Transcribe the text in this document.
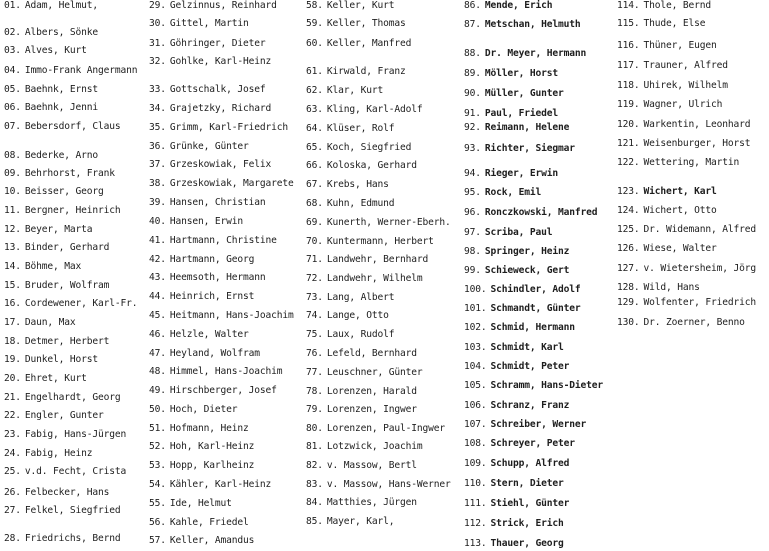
01. Adam, Helmut,
02. Albers, Sönke
03. Alves, Kurt
04. Immo-Frank Angermann
05. Baehnk, Ernst
06. Baehnk, Jenni
07. Bebersdorf, Claus
08. Bederke, Arno
09. Behrhorst, Frank
10. Beisser, Georg
11. Bergner, Heinrich
12. Beyer, Marta
13. Binder, Gerhard
14. Böhme, Max
15. Bruder, Wolfram
16. Cordewener, Karl-Fr.
17. Daun, Max
18. Detmer, Herbert
19. Dunkel, Horst
20. Ehret, Kurt
21. Engelhardt, Georg
22. Engler, Gunter
23. Fabig, Hans-Jürgen
24. Fabig, Heinz
25. v.d. Fecht, Crista
26. Felbecker, Hans
27. Felkel, Siegfried
28. Friedrichs, Bernd
29. Gelzinnus, Reinhard
30. Gittel, Martin
31. Göhringer, Dieter
32. Gohlke, Karl-Heinz
33. Gottschalk, Josef
34. Grajetzky, Richard
35. Grimm, Karl-Friedrich
36. Grünke, Günter
37. Grzeskowiak, Felix
38. Grzeskowiak, Margarete
39. Hansen, Christian
40. Hansen, Erwin
41. Hartmann, Christine
42. Hartmann, Georg
43. Heemsoth, Hermann
44. Heinrich, Ernst
45. Heitmann, Hans-Joachim
46. Helzle, Walter
47. Heyland, Wolfram
48. Himmel, Hans-Joachim
49. Hirschberger, Josef
50. Hoch, Dieter
51. Hofmann, Heinz
52. Hoh, Karl-Heinz
53. Hopp, Karlheinz
54. Kähler, Karl-Heinz
55. Ide, Helmut
56. Kahle, Friedel
57. Keller, Amandus
58. Keller, Kurt
59. Keller, Thomas
60. Keller, Manfred
61. Kirwald, Franz
62. Klar, Kurt
63. Kling, Karl-Adolf
64. Klüser, Rolf
65. Koch, Siegfried
66. Koloska, Gerhard
67. Krebs, Hans
68. Kuhn, Edmund
69. Kunerth, Werner-Eberh.
70. Kuntermann, Herbert
71. Landwehr, Bernhard
72. Landwehr, Wilhelm
73. Lang, Albert
74. Lange, Otto
75. Laux, Rudolf
76. Lefeld, Bernhard
77. Leuschner, Günter
78. Lorenzen, Harald
79. Lorenzen, Ingwer
80. Lorenzen, Paul-Ingwer
81. Lotzwick, Joachim
82. v. Massow, Bertl
83. v. Massow, Hans-Werner
84. Matthies, Jürgen
85. Mayer, Karl,
86. Mende, Erich
87. Metschan, Helmuth
88. Dr. Meyer, Hermann
89. Möller, Horst
90. Müller, Gunter
91. Paul, Friedel
92. Reimann, Helene
93. Richter, Siegmar
94. Rieger, Erwin
95. Rock, Emil
96. Ronczkowski, Manfred
97. Scriba, Paul
98. Springer, Heinz
99. Schieweck, Gert
100. Schindler, Adolf
101. Schmandt, Günter
102. Schmid, Hermann
103. Schmidt, Karl
104. Schmidt, Peter
105. Schramm, Hans-Dieter
106. Schranz, Franz
107. Schreiber, Werner
108. Schreyer, Peter
109. Schupp, Alfred
110. Stern, Dieter
111. Stiehl, Günter
112. Strick, Erich
113. Thauer, Georg
114. Thole, Bernd
115. Thude, Else
116. Thüner, Eugen
117. Trauner, Alfred
118. Uhirek, Wilhelm
119. Wagner, Ulrich
120. Warkentin, Leonhard
121. Weisenburger, Horst
122. Wettering, Martin
123. Wichert, Karl
124. Wichert, Otto
125. Dr. Widemann, Alfred
126. Wiese, Walter
127. v. Wietersheim, Jörg
128. Wild, Hans
129. Wolfenter, Friedrich
130. Dr. Zoerner, Benno
